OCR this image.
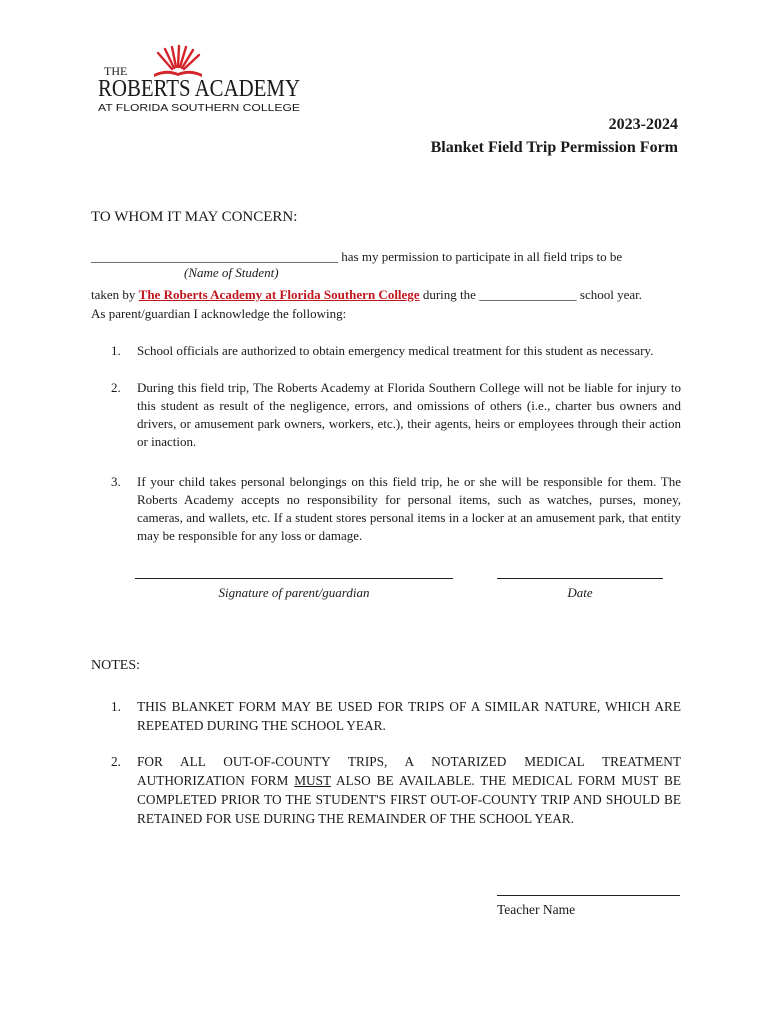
THE
ROBERTS ACADEMY
AT FLORIDA SOUTHERN COLLEGE
2023-2024
Blanket Field Trip Permission Form
TO WHOM IT MAY CONCERN:
______________________________________ has my permission to participate in all field trips to be
(Name of Student)
taken by The Roberts Academy at Florida Southern College during the _______________ school year.
As parent/guardian I acknowledge the following:
1. School officials are authorized to obtain emergency medical treatment for this student as necessary.
2. During this field trip, The Roberts Academy at Florida Southern College will not be liable for injury to this student as result of the negligence, errors, and omissions of others (i.e., charter bus owners and drivers, or amusement park owners, workers, etc.), their agents, heirs or employees through their action or inaction.
3. If your child takes personal belongings on this field trip, he or she will be responsible for them. The Roberts Academy accepts no responsibility for personal items, such as watches, purses, money, cameras, and wallets, etc. If a student stores personal items in a locker at an amusement park, that entity may be responsible for any loss or damage.
Signature of parent/guardian	Date
NOTES:
1. THIS BLANKET FORM MAY BE USED FOR TRIPS OF A SIMILAR NATURE, WHICH ARE REPEATED DURING THE SCHOOL YEAR.
2. FOR ALL OUT-OF-COUNTY TRIPS, A NOTARIZED MEDICAL TREATMENT AUTHORIZATION FORM MUST ALSO BE AVAILABLE. THE MEDICAL FORM MUST BE COMPLETED PRIOR TO THE STUDENT'S FIRST OUT-OF-COUNTY TRIP AND SHOULD BE RETAINED FOR USE DURING THE REMAINDER OF THE SCHOOL YEAR.
Teacher Name
